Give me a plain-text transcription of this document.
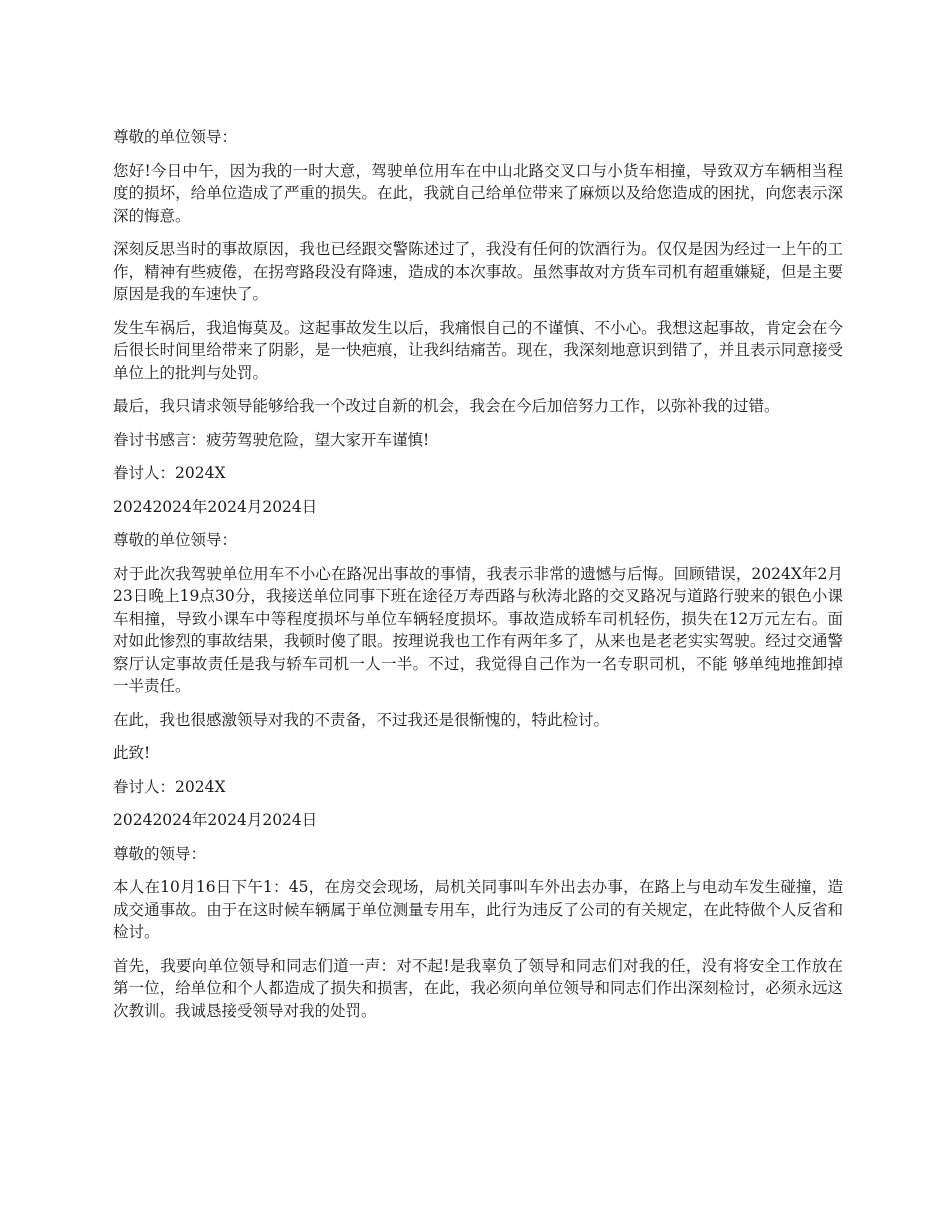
尊敬的单位领导：

您好!今日中午，因为我的一时大意，驾驶单位用车在中山北路交叉口与小货车相撞，导致双方车辆相当程度的损坏，给单位造成了严重的损失。在此，我就自己给单位带来了麻烦以及给您造成的困扰，向您表示深深的悔意。

深刻反思当时的事故原因，我也已经跟交警陈述过了，我没有任何的饮酒行为。仅仅是因为经过一上午的工作，精神有些疲倦，在拐弯路段没有降速，造成的本次事故。虽然事故对方货车司机有超重嫌疑，但是主要原因是我的车速快了。

发生车祸后，我追悔莫及。这起事故发生以后，我痛恨自己的不谨慎、不小心。我想这起事故，肯定会在今后很长时间里给带来了阴影，是一快疤痕，让我纠结痛苦。现在，我深刻地意识到错了，并且表示同意接受单位上的批判与处罚。

最后，我只请求领导能够给我一个改过自新的机会，我会在今后加倍努力工作，以弥补我的过错。

眷讨书感言：疲劳驾驶危险，望大家开车谨慎!

眷讨人：2024X

20242024年2024月2024日

尊敬的单位领导：

对于此次我驾驶单位用车不小心在路况出事故的事情，我表示非常的遗憾与后悔。回顾错误，2024X年2月23日晚上19点30分，我接送单位同事下班在途径万寿西路与秋涛北路的交叉路况与道路行驶来的银色小课车相撞，导致小课车中等程度损坏与单位车辆轻度损坏。事故造成轿车司机轻伤，损失在12万元左右。面对如此惨烈的事故结果，我顿时傻了眼。按理说我也工作有两年多了，从来也是老老实实驾驶。经过交通警察厅认定事故责任是我与轿车司机一人一半。不过，我觉得自己作为一名专职司机，不能 够单纯地推卸掉一半责任。

在此，我也很感激领导对我的不责备，不过我还是很惭愧的，特此检讨。

此致!

眷讨人：2024X

20242024年2024月2024日

尊敬的领导：

本人在10月16日下午1：45，在房交会现场，局机关同事叫车外出去办事，在路上与电动车发生碰撞，造成交通事故。由于在这时候车辆属于单位测量专用车，此行为违反了公司的有关规定，在此特做个人反省和检讨。

首先，我要向单位领导和同志们道一声：对不起!是我辜负了领导和同志们对我的任，没有将安全工作放在第一位，给单位和个人都造成了损失和损害，在此，我必须向单位领导和同志们作出深刻检讨，必须永远这次教训。我诚恳接受领导对我的处罚。
